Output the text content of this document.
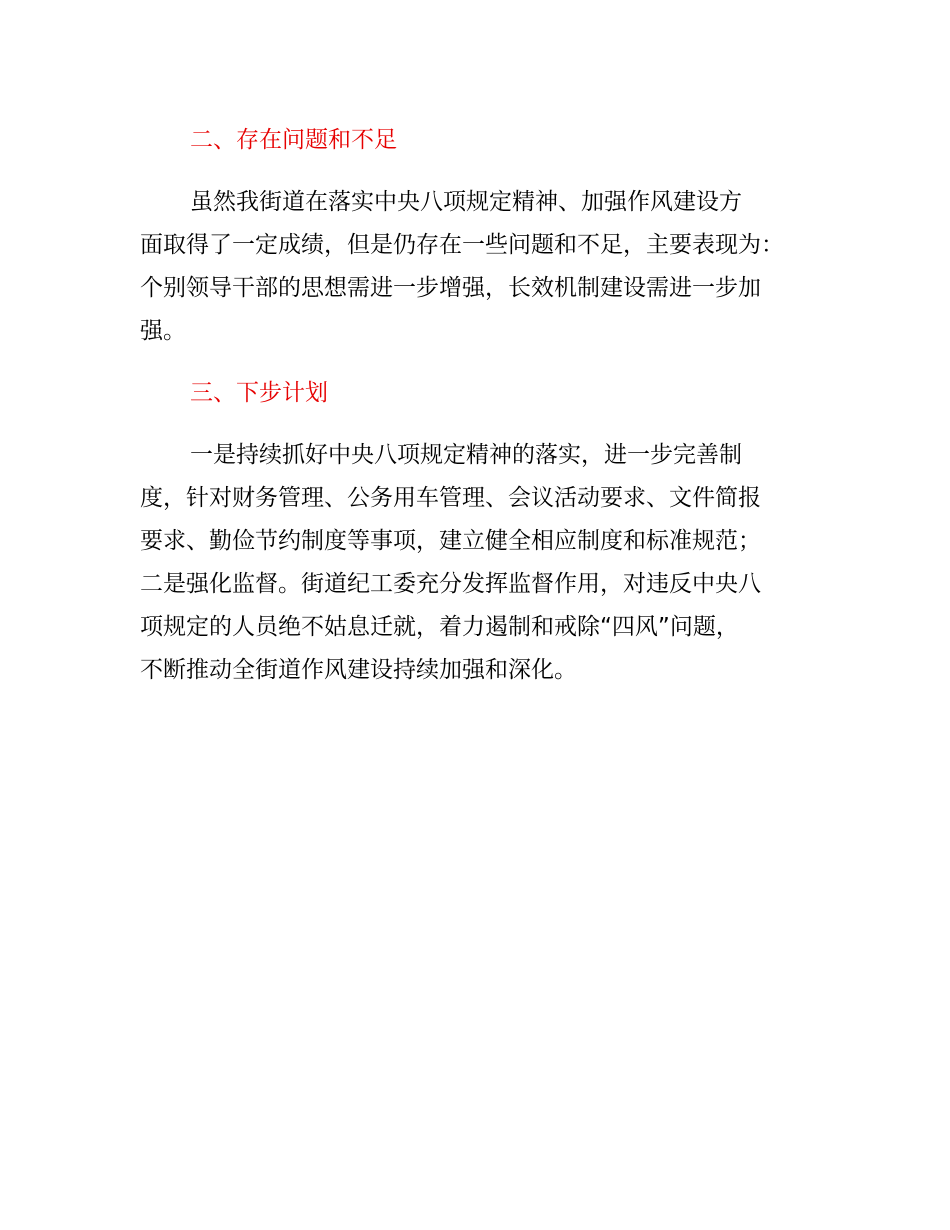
二、存在问题和不足
虽然我街道在落实中央八项规定精神、加强作风建设方
面取得了一定成绩，但是仍存在一些问题和不足，主要表现为：
个别领导干部的思想需进一步增强，长效机制建设需进一步加
强。
三、下步计划
一是持续抓好中央八项规定精神的落实，进一步完善制
度，针对财务管理、公务用车管理、会议活动要求、文件简报
要求、勤俭节约制度等事项，建立健全相应制度和标准规范；
二是强化监督。街道纪工委充分发挥监督作用，对违反中央八
项规定的人员绝不姑息迁就，着力遏制和戒除“四风”问题，
不断推动全街道作风建设持续加强和深化。
